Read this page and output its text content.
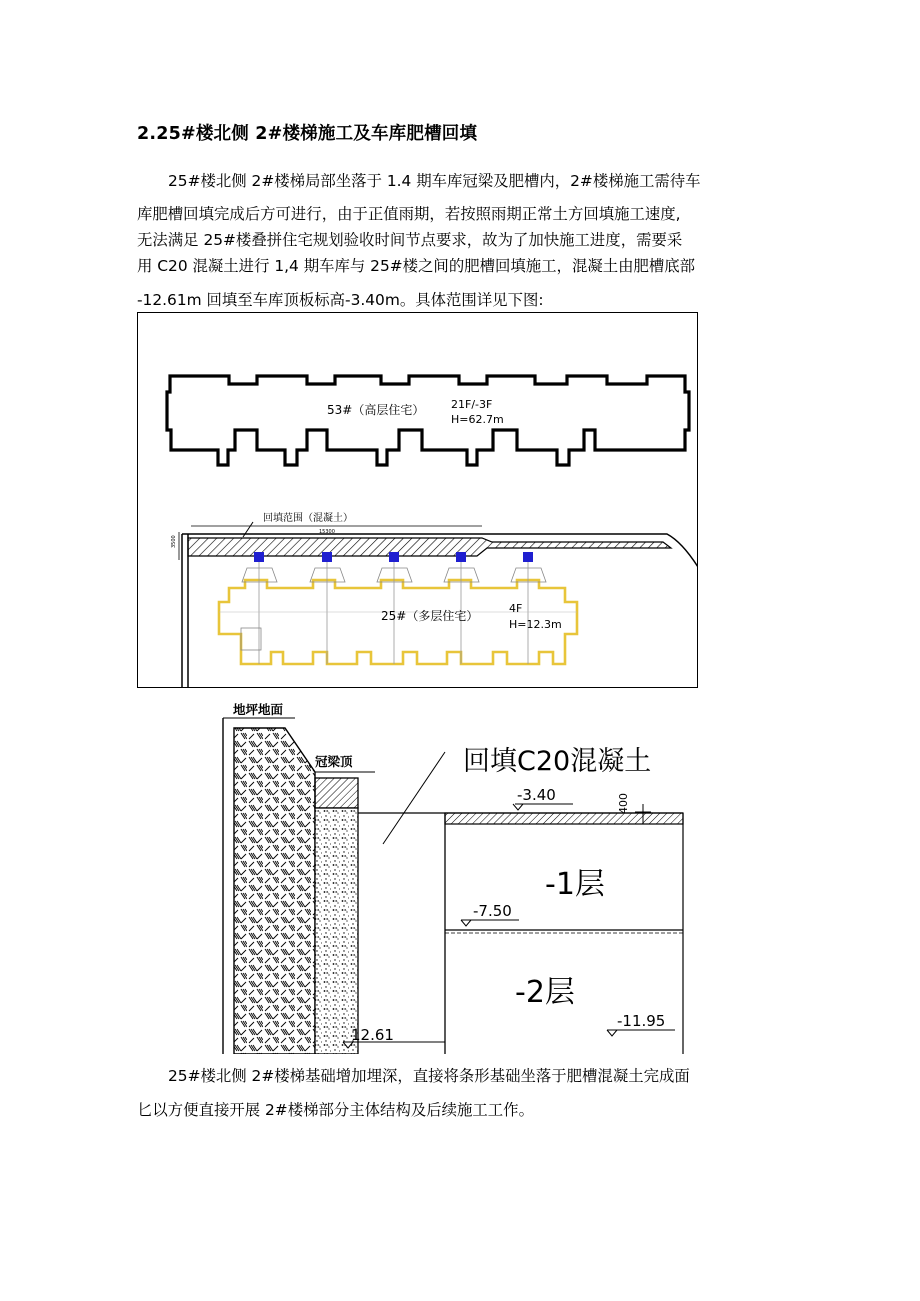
2.25#楼北侧 2#楼梯施工及车库肥槽回填
25#楼北侧 2#楼梯局部坐落于 1.4 期车库冠梁及肥槽内，2#楼梯施工需待车
库肥槽回填完成后方可进行，由于正值雨期，若按照雨期正常土方回填施工速度,
无法满足 25#楼叠拼住宅规划验收时间节点要求，故为了加快施工进度，需要采
用 C20 混凝土进行 1,4 期车库与 25#楼之间的肥槽回填施工，混凝土由肥槽底部
-12.61m 回填至车库顶板标高-3.40m。具体范围详见下图:
53#（高层住宅） 21F/-3F
H=62.7m
回填范围（混凝土）
15300
3500
25#（多层住宅）
4F
H=12.3m
地坪地面
冠梁顶	回填C20混凝土
-3.40	400
-1层
-7.50
-2层
12.61
-11.95
25#楼北侧 2#楼梯基础增加埋深，直接将条形基础坐落于肥槽混凝土完成面
匕以方便直接开展 2#楼梯部分主体结构及后续施工工作。
